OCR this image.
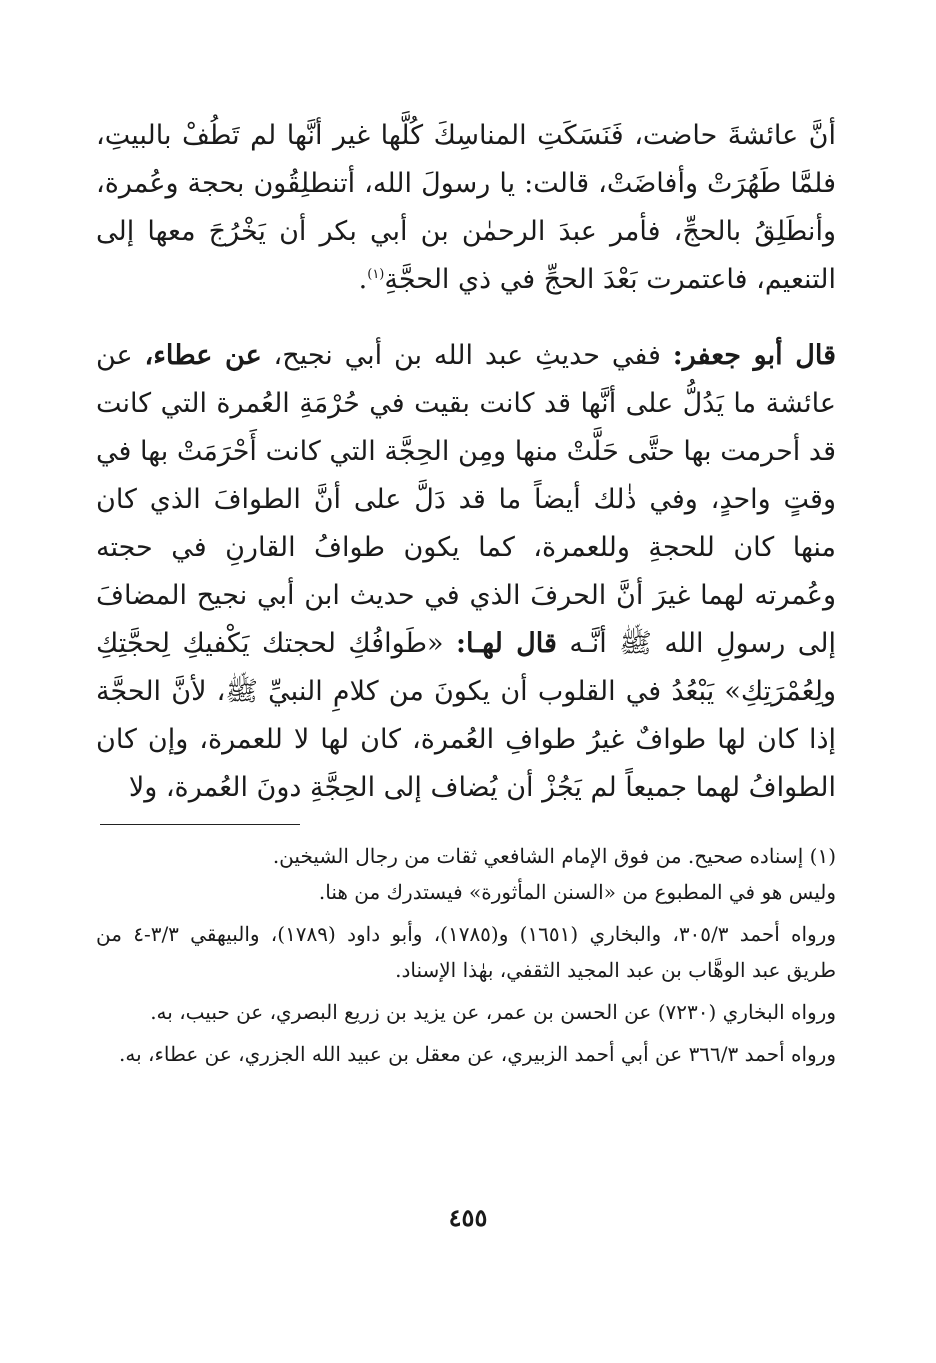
أنَّ عائشةَ حاضت، فَنَسَكَتِ المناسِكَ كُلَّها غير أنَّها لم تَطُفْ بالبيتِ، فلمَّا طَهُرَتْ وأفاضَتْ، قالت: يا رسولَ الله، أتنطلِقُون بحجة وعُمرة، وأنطَلِقُ بالحجِّ، فأمر عبدَ الرحمٰن بن أبي بكر أن يَخْرُجَ معها إلى التنعيم، فاعتمرت بَعْدَ الحجِّ في ذي الحجَّةِ$^{(١)}$.

قال أبو جعفر: ففي حديثِ عبد الله بن أبي نجيح، عن عطاء، عن عائشة ما يَدُلُّ على أنَّها قد كانت بقيت في حُرْمَةِ العُمرة التي كانت قد أحرمت بها حتَّى حَلَّتْ منها ومِن الحِجَّة التي كانت أَحْرَمَتْ بها في وقتٍ واحدٍ، وفي ذٰلك أيضاً ما قد دَلَّ على أنَّ الطوافَ الذي كان منها كان للحجةِ وللعمرة، كما يكون طوافُ القارنِ في حجته وعُمرته لهما غيرَ أنَّ الحرفَ الذي في حديث ابن أبي نجيح المضافَ إلى رسولِ الله ﷺ أنَّـه قال لهـا: «طَوافُكِ لحجتك يَكْفيكِ لِحجَّتِكِ ولِعُمْرَتِكِ» يَبْعُدُ في القلوب أن يكونَ من كلامِ النبيِّ ﷺ، لأنَّ الحجَّة إذا كان لها طوافٌ غيرُ طوافِ العُمرة، كان لها لا للعمرة، وإن كان الطوافُ لهما جميعاً لم يَجُزْ أن يُضاف إلى الحِجَّةِ دونَ العُمرة، ولا

(١) إسناده صحيح. من فوق الإمام الشافعي ثقات من رجال الشيخين.

وليس هو في المطبوع من «السنن المأثورة» فيستدرك من هنا.

ورواه أحمد ٣٠٥/٣، والبخاري (١٦٥١) و(١٧٨٥)، وأبو داود (١٧٨٩)، والبيهقي ٣/٣-٤ من طريق عبد الوهَّاب بن عبد المجيد الثقفي، بهٰذا الإسناد.

ورواه البخاري (٧٢٣٠) عن الحسن بن عمر، عن يزيد بن زريع البصري، عن حبيب، به.

ورواه أحمد ٣٦٦/٣ عن أبي أحمد الزبيري، عن معقل بن عبيد الله الجزري، عن عطاء، به.

٤٥٥
